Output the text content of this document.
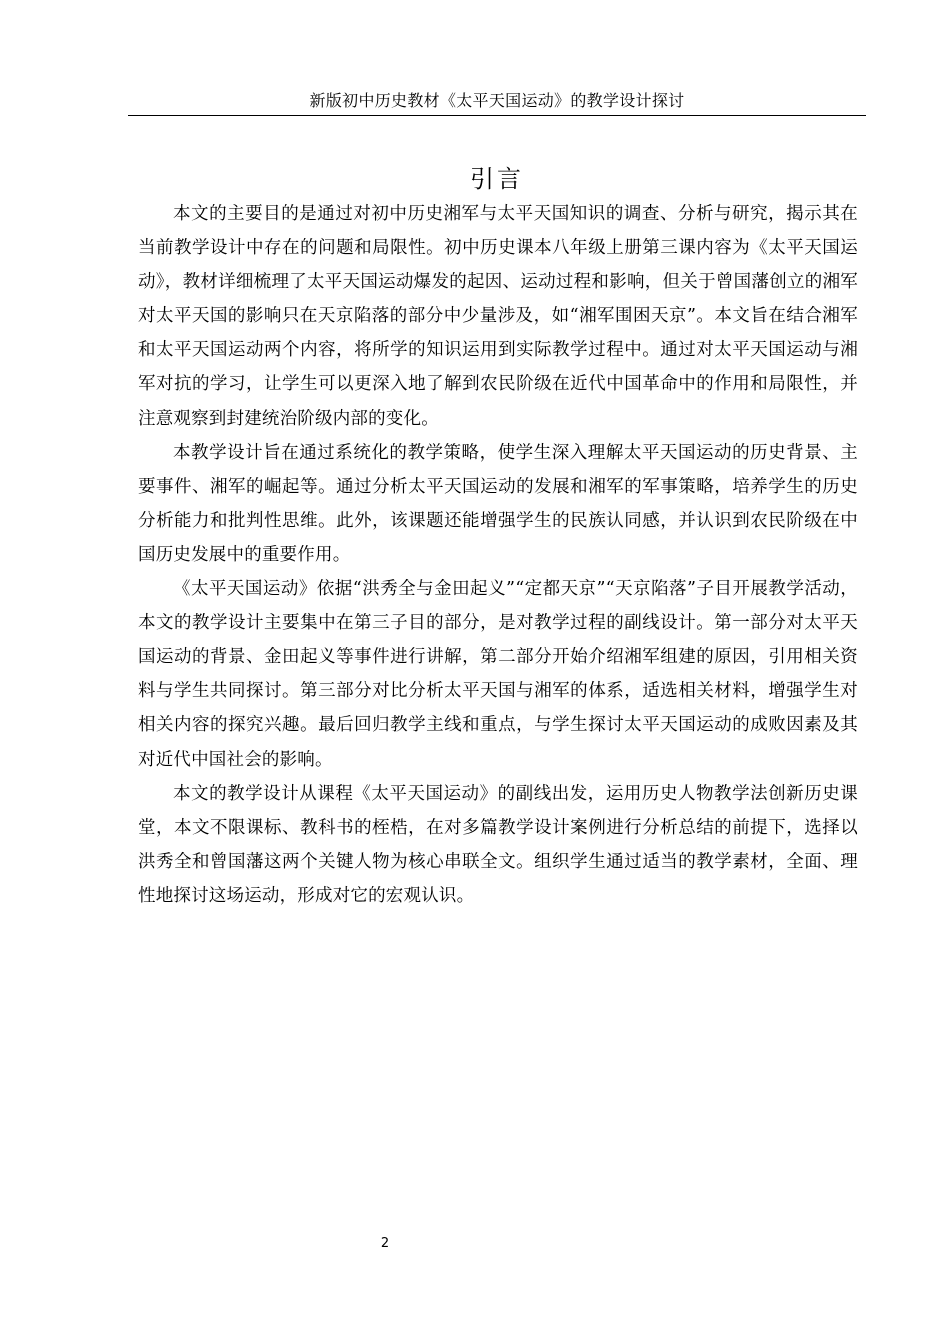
新版初中历史教材《太平天国运动》的教学设计探讨
引言

本文的主要目的是通过对初中历史湘军与太平天国知识的调查、分析与研究，揭示其在当前教学设计中存在的问题和局限性。初中历史课本八年级上册第三课内容为《太平天国运动》，教材详细梳理了太平天国运动爆发的起因、运动过程和影响，但关于曾国藩创立的湘军对太平天国的影响只在天京陷落的部分中少量涉及，如“湘军围困天京”。本文旨在结合湘军和太平天国运动两个内容，将所学的知识运用到实际教学过程中。通过对太平天国运动与湘军对抗的学习，让学生可以更深入地了解到农民阶级在近代中国革命中的作用和局限性，并注意观察到封建统治阶级内部的变化。

本教学设计旨在通过系统化的教学策略，使学生深入理解太平天国运动的历史背景、主要事件、湘军的崛起等。通过分析太平天国运动的发展和湘军的军事策略，培养学生的历史分析能力和批判性思维。此外，该课题还能增强学生的民族认同感，并认识到农民阶级在中国历史发展中的重要作用。

《太平天国运动》依据“洪秀全与金田起义”“定都天京”“天京陷落”子目开展教学活动，本文的教学设计主要集中在第三子目的部分，是对教学过程的副线设计。第一部分对太平天国运动的背景、金田起义等事件进行讲解，第二部分开始介绍湘军组建的原因，引用相关资料与学生共同探讨。第三部分对比分析太平天国与湘军的体系，适选相关材料，增强学生对相关内容的探究兴趣。最后回归教学主线和重点，与学生探讨太平天国运动的成败因素及其对近代中国社会的影响。

本文的教学设计从课程《太平天国运动》的副线出发，运用历史人物教学法创新历史课堂，本文不限课标、教科书的桎梏，在对多篇教学设计案例进行分析总结的前提下，选择以洪秀全和曾国藩这两个关键人物为核心串联全文。组织学生通过适当的教学素材，全面、理性地探讨这场运动，形成对它的宏观认识。

2
